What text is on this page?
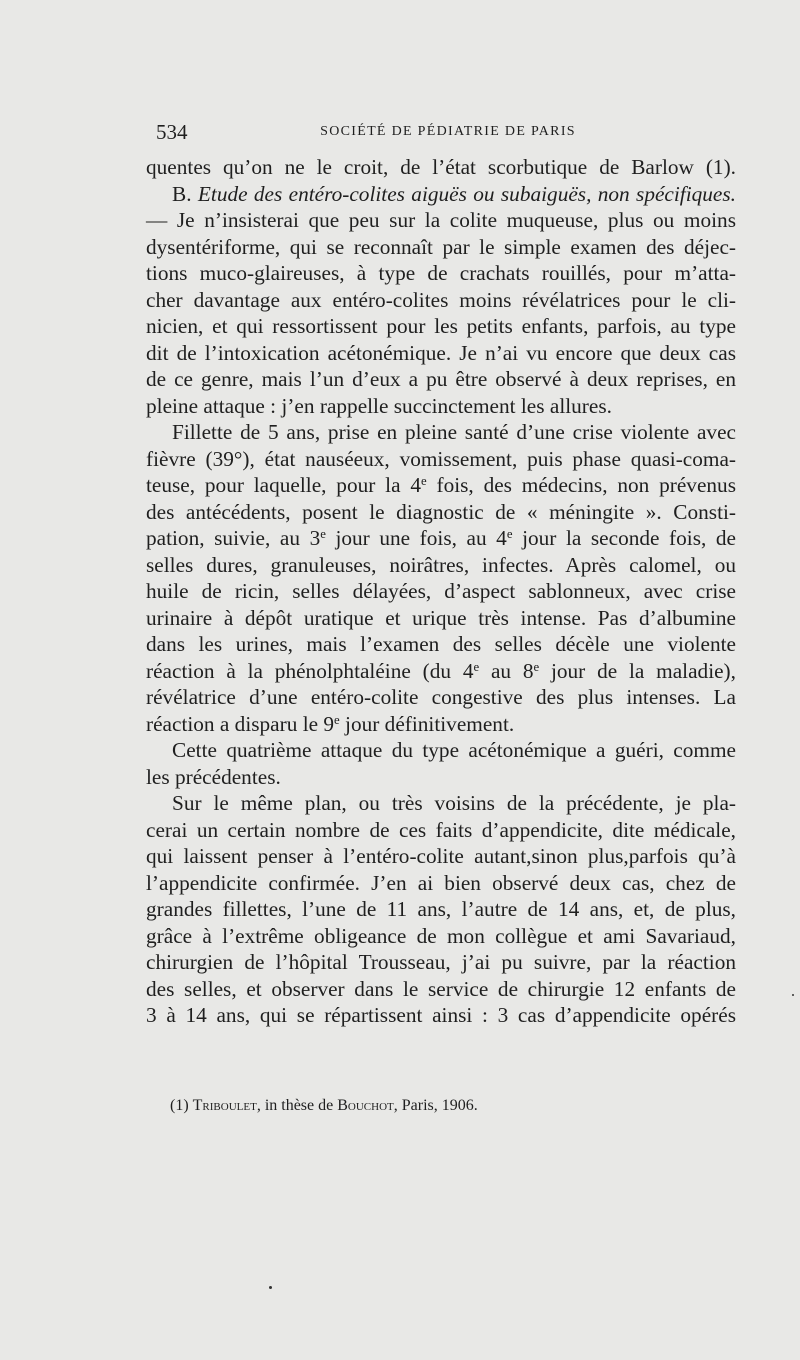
534	SOCIÉTÉ DE PÉDIATRIE DE PARIS
quentes qu’on ne le croit, de l’état scorbutique de Barlow (1).
B. Etude des entéro-colites aiguës ou subaiguës, non spécifiques.
— Je n’insisterai que peu sur la colite muqueuse, plus ou moins
dysentériforme, qui se reconnaît par le simple examen des déjec-
tions muco-glaireuses, à type de crachats rouillés, pour m’atta-
cher davantage aux entéro-colites moins révélatrices pour le cli-
nicien, et qui ressortissent pour les petits enfants, parfois, au type
dit de l’intoxication acétonémique. Je n’ai vu encore que deux cas
de ce genre, mais l’un d’eux a pu être observé à deux reprises, en
pleine attaque : j’en rappelle succinctement les allures.
Fillette de 5 ans, prise en pleine santé d’une crise violente avec
fièvre (39°), état nauséeux, vomissement, puis phase quasi-coma-
teuse, pour laquelle, pour la 4e fois, des médecins, non prévenus
des antécédents, posent le diagnostic de « méningite ». Consti-
pation, suivie, au 3e jour une fois, au 4e jour la seconde fois, de
selles dures, granuleuses, noirâtres, infectes. Après calomel, ou
huile de ricin, selles délayées, d’aspect sablonneux, avec crise
urinaire à dépôt uratique et urique très intense. Pas d’albumine
dans les urines, mais l’examen des selles décèle une violente
réaction à la phénolphtaléine (du 4e au 8e jour de la maladie),
révélatrice d’une entéro-colite congestive des plus intenses. La
réaction a disparu le 9e jour définitivement.
Cette quatrième attaque du type acétonémique a guéri, comme
les précédentes.
Sur le même plan, ou très voisins de la précédente, je pla-
cerai un certain nombre de ces faits d’appendicite, dite médicale,
qui laissent penser à l’entéro-colite autant,sinon plus,parfois qu’à
l’appendicite confirmée. J’en ai bien observé deux cas, chez de
grandes fillettes, l’une de 11 ans, l’autre de 14 ans, et, de plus,
grâce à l’extrême obligeance de mon collègue et ami Savariaud,
chirurgien de l’hôpital Trousseau, j’ai pu suivre, par la réaction
des selles, et observer dans le service de chirurgie 12 enfants de
3 à 14 ans, qui se répartissent ainsi : 3 cas d’appendicite opérés
(1) Triboulet, in thèse de Bouchot, Paris, 1906.
